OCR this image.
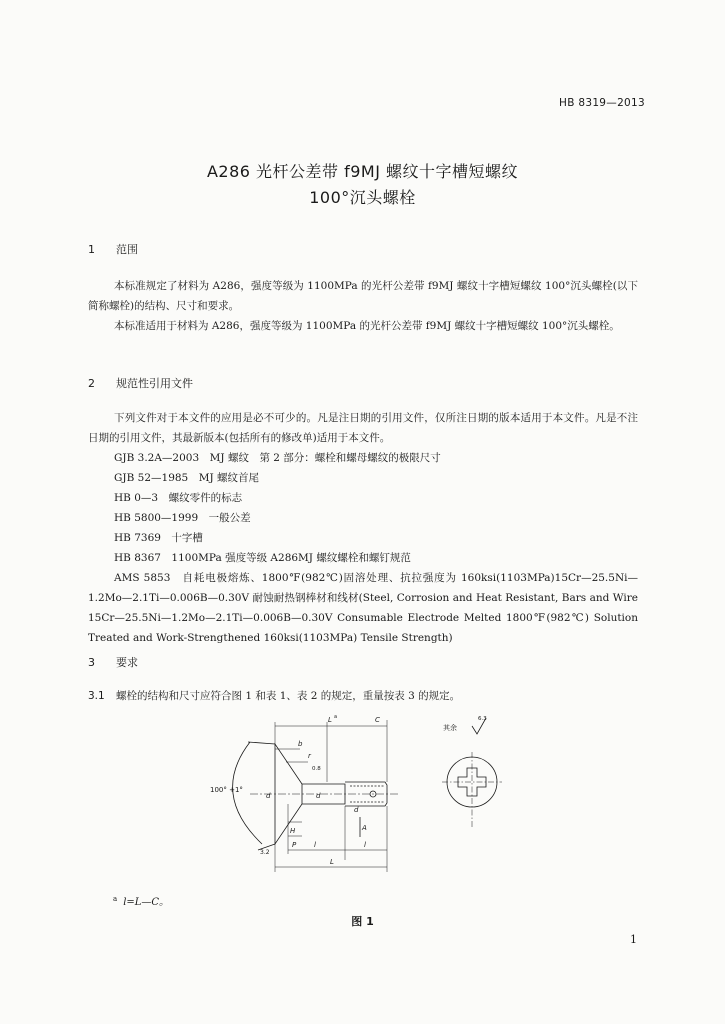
HB 8319—2013
A286 光杆公差带 f9MJ 螺纹十字槽短螺纹
100°沉头螺栓
1 范围
本标准规定了材料为 A286，强度等级为 1100MPa 的光杆公差带 f9MJ 螺纹十字槽短螺纹 100°沉头螺栓(以下简称螺栓)的结构、尺寸和要求。
本标准适用于材料为 A286，强度等级为 1100MPa 的光杆公差带 f9MJ 螺纹十字槽短螺纹 100°沉头螺栓。
2 规范性引用文件
下列文件对于本文件的应用是必不可少的。凡是注日期的引用文件，仅所注日期的版本适用于本文件。凡是不注日期的引用文件，其最新版本(包括所有的修改单)适用于本文件。
GJB 3.2A—2003　MJ 螺纹　第 2 部分：螺栓和螺母螺纹的极限尺寸
GJB 52—1985　MJ 螺纹首尾
HB 0—3　螺纹零件的标志
HB 5800—1999　一般公差
HB 7369　十字槽
HB 8367　1100MPa 强度等级 A286MJ 螺纹螺栓和螺钉规范
AMS 5853　自耗电极熔炼、1800℉(982℃)固溶处理、抗拉强度为 160ksi(1103MPa)15Cr—25.5Ni—1.2Mo—2.1Ti—0.006B—0.30V 耐蚀耐热钢棒材和线材(Steel, Corrosion and Heat Resistant, Bars and Wire 15Cr—25.5Ni—1.2Mo—2.1Ti—0.006B—0.30V Consumable Electrode Melted 1800℉(982℃) Solution Treated and Work-Strengthened 160ksi(1103MPa) Tensile Strength)
3 要求
3.1 螺栓的结构和尺寸应符合图 1 和表 1、表 2 的规定，重量按表 3 的规定。
100° +1°
L a	C
b
r
0.8
d	d
d
H
P	l	l
L
A
3.2
其余
6.3
$^a$ l=L—C。
图 1
1
